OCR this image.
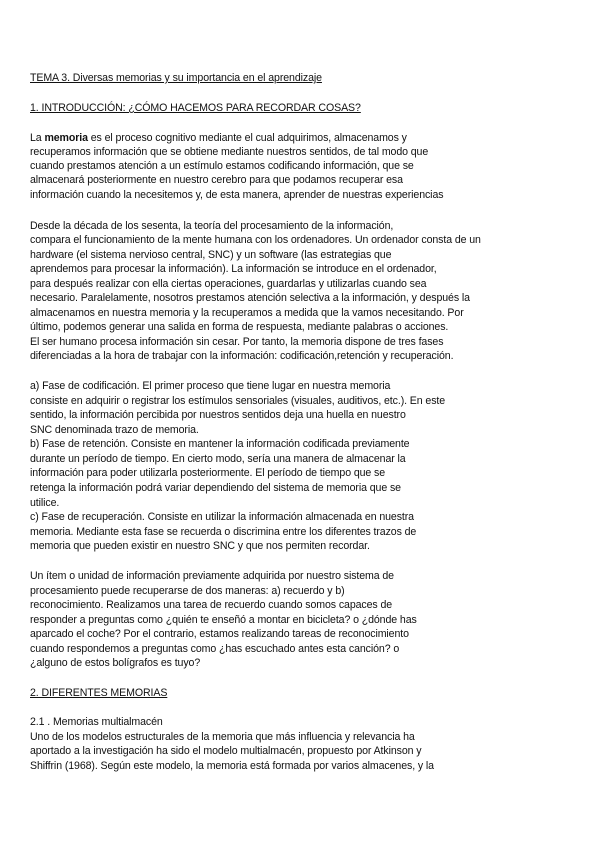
TEMA 3. Diversas memorias y su importancia en el aprendizaje

1. INTRODUCCIÓN: ¿CÓMO HACEMOS PARA RECORDAR COSAS?

La memoria es el proceso cognitivo mediante el cual adquirimos, almacenamos y

recuperamos información que se obtiene mediante nuestros sentidos, de tal modo que

cuando prestamos atención a un estímulo estamos codificando información, que se

almacenará posteriormente en nuestro cerebro para que podamos recuperar esa

información cuando la necesitemos y, de esta manera, aprender de nuestras experiencias

Desde la década de los sesenta, la teoría del procesamiento de la información,

compara el funcionamiento de la mente humana con los ordenadores. Un ordenador consta de un

hardware (el sistema nervioso central, SNC) y un software (las estrategias que

aprendemos para procesar la información). La información se introduce en el ordenador,

para después realizar con ella ciertas operaciones, guardarlas y utilizarlas cuando sea

necesario. Paralelamente, nosotros prestamos atención selectiva a la información, y después la

almacenamos en nuestra memoria y la recuperamos a medida que la vamos necesitando. Por

último, podemos generar una salida en forma de respuesta, mediante palabras o acciones.

El ser humano procesa información sin cesar. Por tanto, la memoria dispone de tres fases

diferenciadas a la hora de trabajar con la información: codificación,retención y recuperación.

a) Fase de codificación. El primer proceso que tiene lugar en nuestra memoria

consiste en adquirir o registrar los estímulos sensoriales (visuales, auditivos, etc.). En este

sentido, la información percibida por nuestros sentidos deja una huella en nuestro

SNC denominada trazo de memoria.

b) Fase de retención. Consiste en mantener la información codificada previamente

durante un período de tiempo. En cierto modo, sería una manera de almacenar la

información para poder utilizarla posteriormente. El período de tiempo que se

retenga la información podrá variar dependiendo del sistema de memoria que se

utilice.

c) Fase de recuperación. Consiste en utilizar la información almacenada en nuestra

memoria. Mediante esta fase se recuerda o discrimina entre los diferentes trazos de

memoria que pueden existir en nuestro SNC y que nos permiten recordar.

Un ítem o unidad de información previamente adquirida por nuestro sistema de

procesamiento puede recuperarse de dos maneras: a) recuerdo y b)

reconocimiento. Realizamos una tarea de recuerdo cuando somos capaces de

responder a preguntas como ¿quién te enseñó a montar en bicicleta? o ¿dónde has

aparcado el coche? Por el contrario, estamos realizando tareas de reconocimiento

cuando respondemos a preguntas como ¿has escuchado antes esta canción? o

¿alguno de estos bolígrafos es tuyo?

2. DIFERENTES MEMORIAS

2.1 . Memorias multialmacén

Uno de los modelos estructurales de la memoria que más influencia y relevancia ha

aportado a la investigación ha sido el modelo multialmacén, propuesto por Atkinson y

Shiffrin (1968). Según este modelo, la memoria está formada por varios almacenes, y la
